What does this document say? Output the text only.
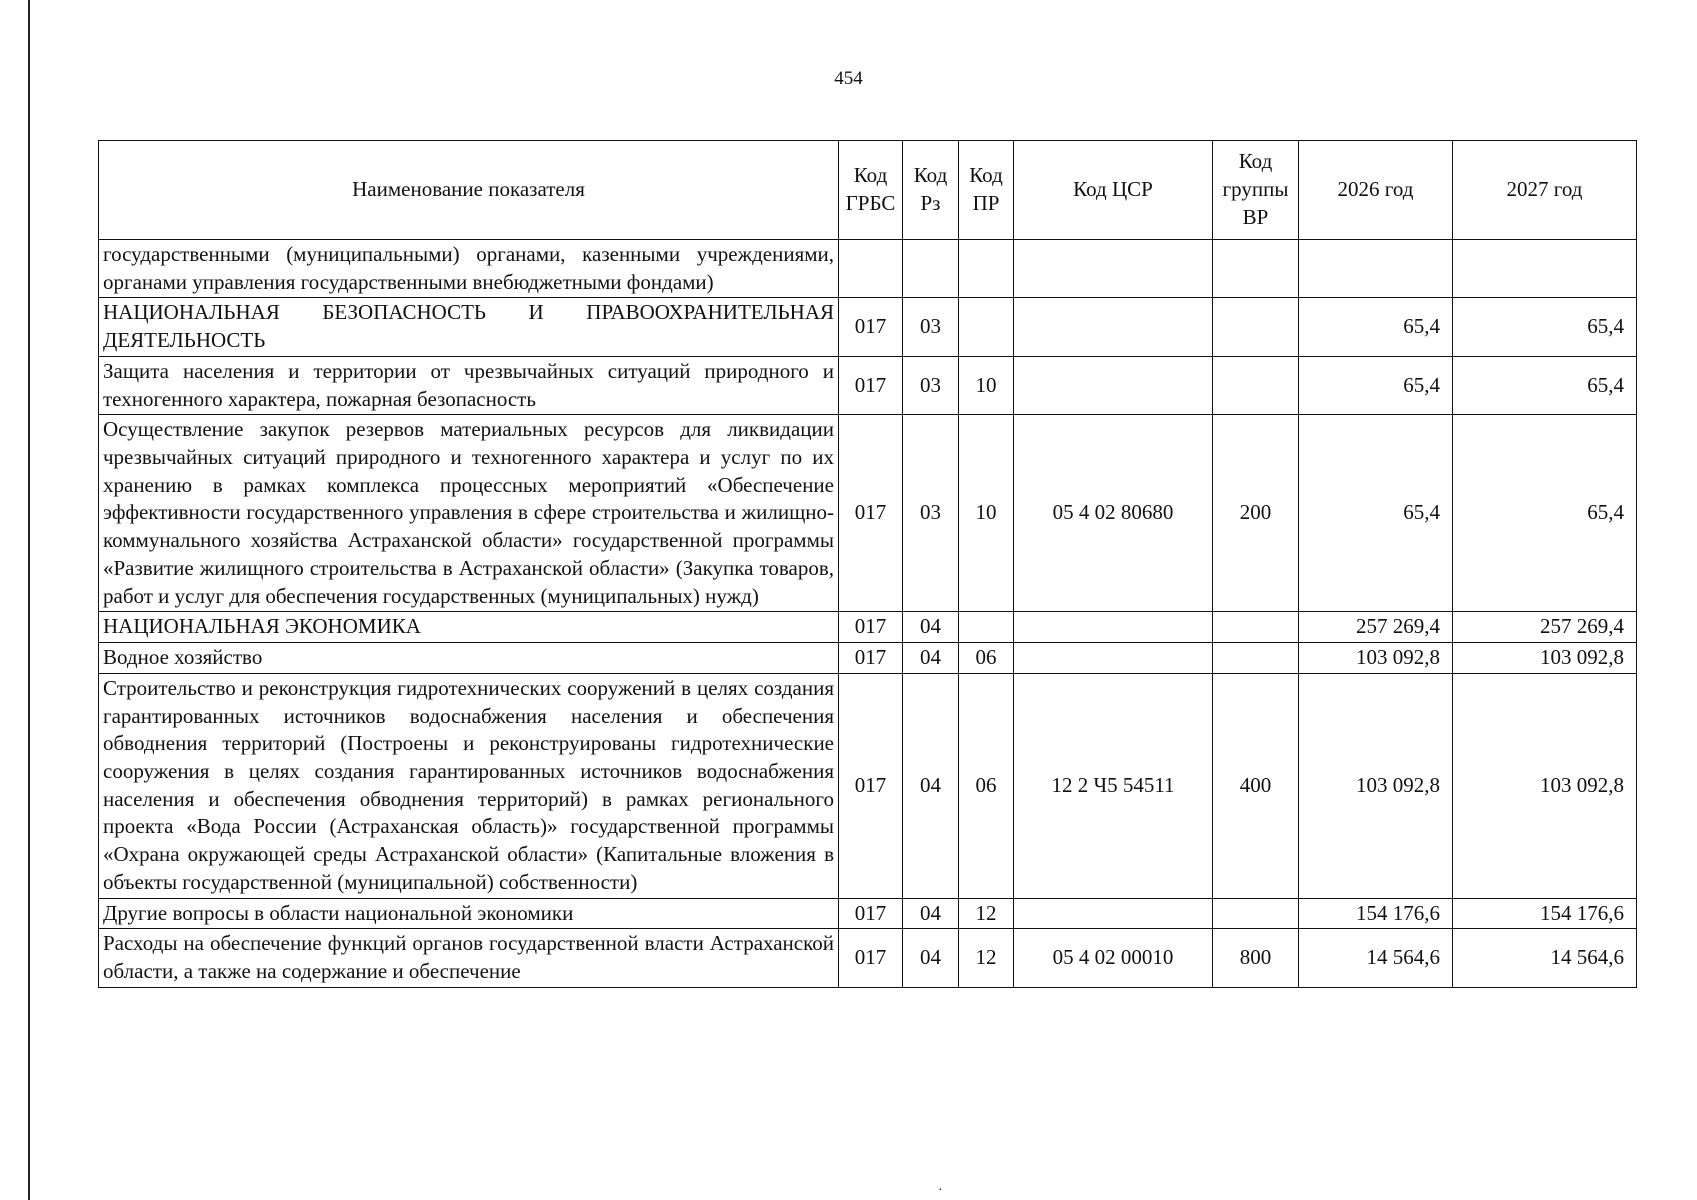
454
Наименование показателя	Код ГРБС	Код Рз	Код ПР	Код ЦСР	Код группы ВР	2026 год	2027 год
государственными (муниципальными) органами, казенными учреждениями, органами управления государственными внебюджетными фондами)							
НАЦИОНАЛЬНАЯ БЕЗОПАСНОСТЬ И ПРАВООХРАНИТЕЛЬНАЯ ДЕЯТЕЛЬНОСТЬ	017	03				65,4	65,4
Защита населения и территории от чрезвычайных ситуаций природного и техногенного характера, пожарная безопасность	017	03	10			65,4	65,4
Осуществление закупок резервов материальных ресурсов для ликвидации чрезвычайных ситуаций природного и техногенного характера и услуг по их хранению в рамках комплекса процессных мероприятий «Обеспечение эффективности государственного управления в сфере строительства и жилищно-коммунального хозяйства Астраханской области» государственной программы «Развитие жилищного строительства в Астраханской области» (Закупка товаров, работ и услуг для обеспечения государственных (муниципальных) нужд)	017	03	10	05 4 02 80680	200	65,4	65,4
НАЦИОНАЛЬНАЯ ЭКОНОМИКА	017	04				257 269,4	257 269,4
Водное хозяйство	017	04	06			103 092,8	103 092,8
Строительство и реконструкция гидротехнических сооружений в целях создания гарантированных источников водоснабжения населения и обеспечения обводнения территорий (Построены и реконструированы гидротехнические сооружения в целях создания гарантированных источников водоснабжения населения и обеспечения обводнения территорий) в рамках регионального проекта «Вода России (Астраханская область)» государственной программы «Охрана окружающей среды Астраханской области» (Капитальные вложения в объекты государственной (муниципальной) собственности)	017	04	06	12 2 Ч5 54511	400	103 092,8	103 092,8
Другие вопросы в области национальной экономики	017	04	12			154 176,6	154 176,6
Расходы на обеспечение функций органов государственной власти Астраханской области, а также на содержание и обеспечение	017	04	12	05 4 02 00010	800	14 564,6	14 564,6
·
